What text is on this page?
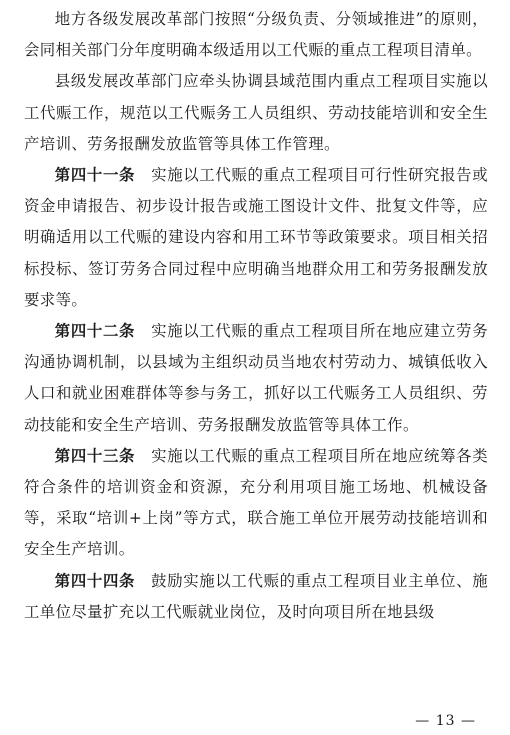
地方各级发展改革部门按照“分级负责、分领域推进”的原则，会同相关部门分年度明确本级适用以工代赈的重点工程项目清单。

县级发展改革部门应牵头协调县域范围内重点工程项目实施以工代赈工作，规范以工代赈务工人员组织、劳动技能培训和安全生产培训、劳务报酬发放监管等具体工作管理。

第四十一条　 实施以工代赈的重点工程项目可行性研究报告或资金申请报告、初步设计报告或施工图设计文件、批复文件等，应明确适用以工代赈的建设内容和用工环节等政策要求。项目相关招标投标、签订劳务合同过程中应明确当地群众用工和劳务报酬发放要求等。

第四十二条　 实施以工代赈的重点工程项目所在地应建立劳务沟通协调机制，以县域为主组织动员当地农村劳动力、城镇低收入人口和就业困难群体等参与务工，抓好以工代赈务工人员组织、劳动技能和安全生产培训、劳务报酬发放监管等具体工作。

第四十三条　 实施以工代赈的重点工程项目所在地应统筹各类符合条件的培训资金和资源，充分利用项目施工场地、机械设备等，采取“培训+上岗”等方式，联合施工单位开展劳动技能培训和安全生产培训。

第四十四条　 鼓励实施以工代赈的重点工程项目业主单位、施工单位尽量扩充以工代赈就业岗位，及时向项目所在地县级

— 13 —
